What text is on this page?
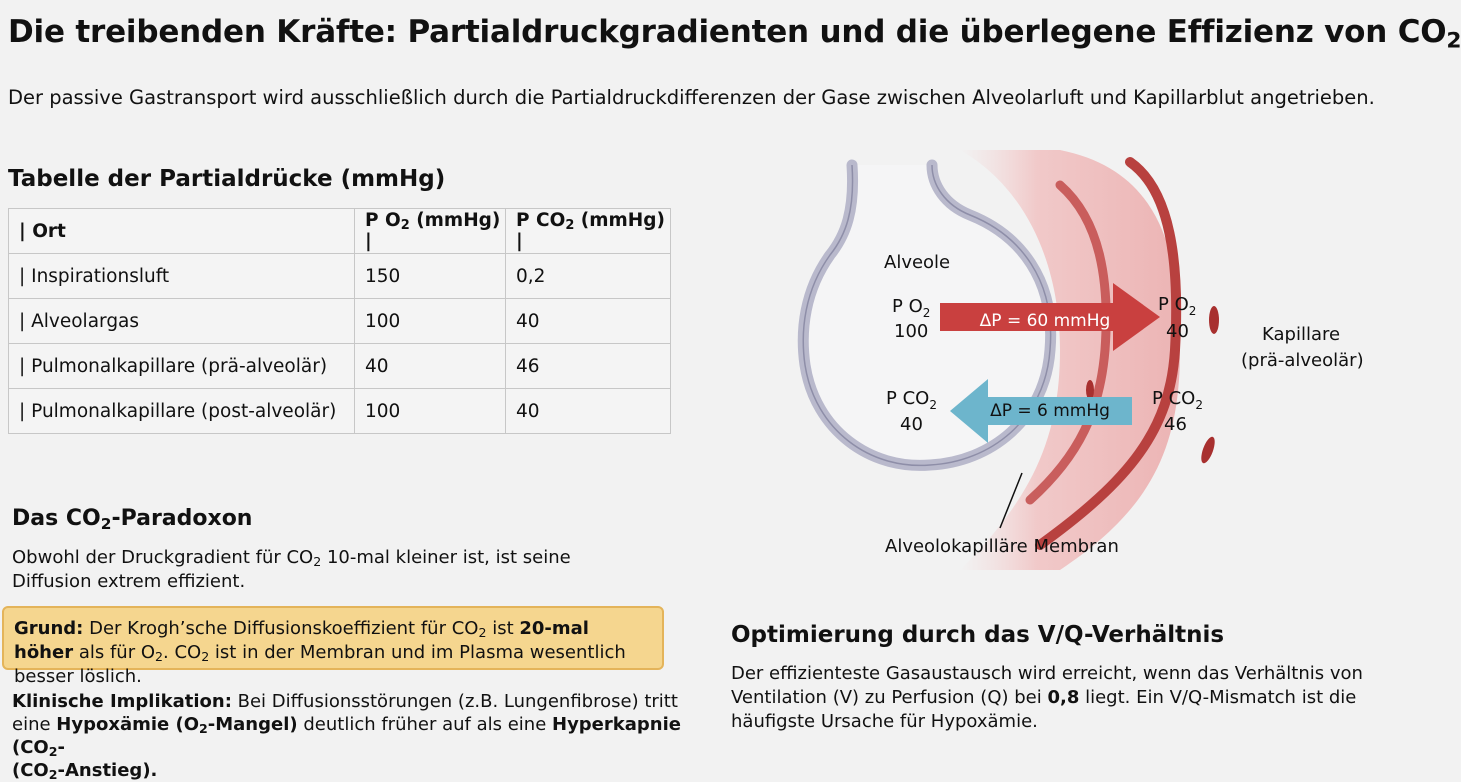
Die treibenden Kräfte: Partialdruckgradienten und die überlegene Effizienz von $CO_2$
Der passive Gastransport wird ausschließlich durch die Partialdruckdifferenzen der Gase zwischen Alveolarluft und Kapillarblut angetrieben.
Tabelle der Partialdrücke (mmHg)
| Ort	P $O_2$ (mmHg) |	P $CO_2$ (mmHg) |
| Inspirationsluft	150	0,2
| Alveolargas	100	40
| Pulmonalkapillare (prä-alveolär)	40	46
| Pulmonalkapillare (post-alveolär)	100	40
ΔP = 60 mmHg
ΔP = 6 mmHg
Alveole
P $O_2$
100
P $O_2$
40
P $CO_2$
40
P $CO_2$
46
Kapillare
(prä-alveolär)
Alveolokapilläre Membran
Das $CO_2$-Paradoxon
Obwohl der Druckgradient für $CO_2$ 10-mal kleiner ist, ist seine Diffusion extrem effizient.
Grund: Der Krogh’sche Diffusionskoeffizient für $CO_2$ ist 20-mal höher als für $O_2$. $CO_2$ ist in der Membran und im Plasma wesentlich besser löslich.
Klinische Implikation: Bei Diffusionsstörungen (z.B. Lungenfibrose) tritt eine Hypoxämie $(O_2-Mangel)$ deutlich früher auf als eine Hyperkapnie ($CO_2-$
$(CO_2-Anstieg)$.
Optimierung durch das V/Q-Verhältnis
Der effizienteste Gasaustausch wird erreicht, wenn das Verhältnis von Ventilation (V) zu Perfusion (Q) bei 0,8 liegt. Ein V/Q-Mismatch ist die häufigste Ursache für Hypoxämie.
